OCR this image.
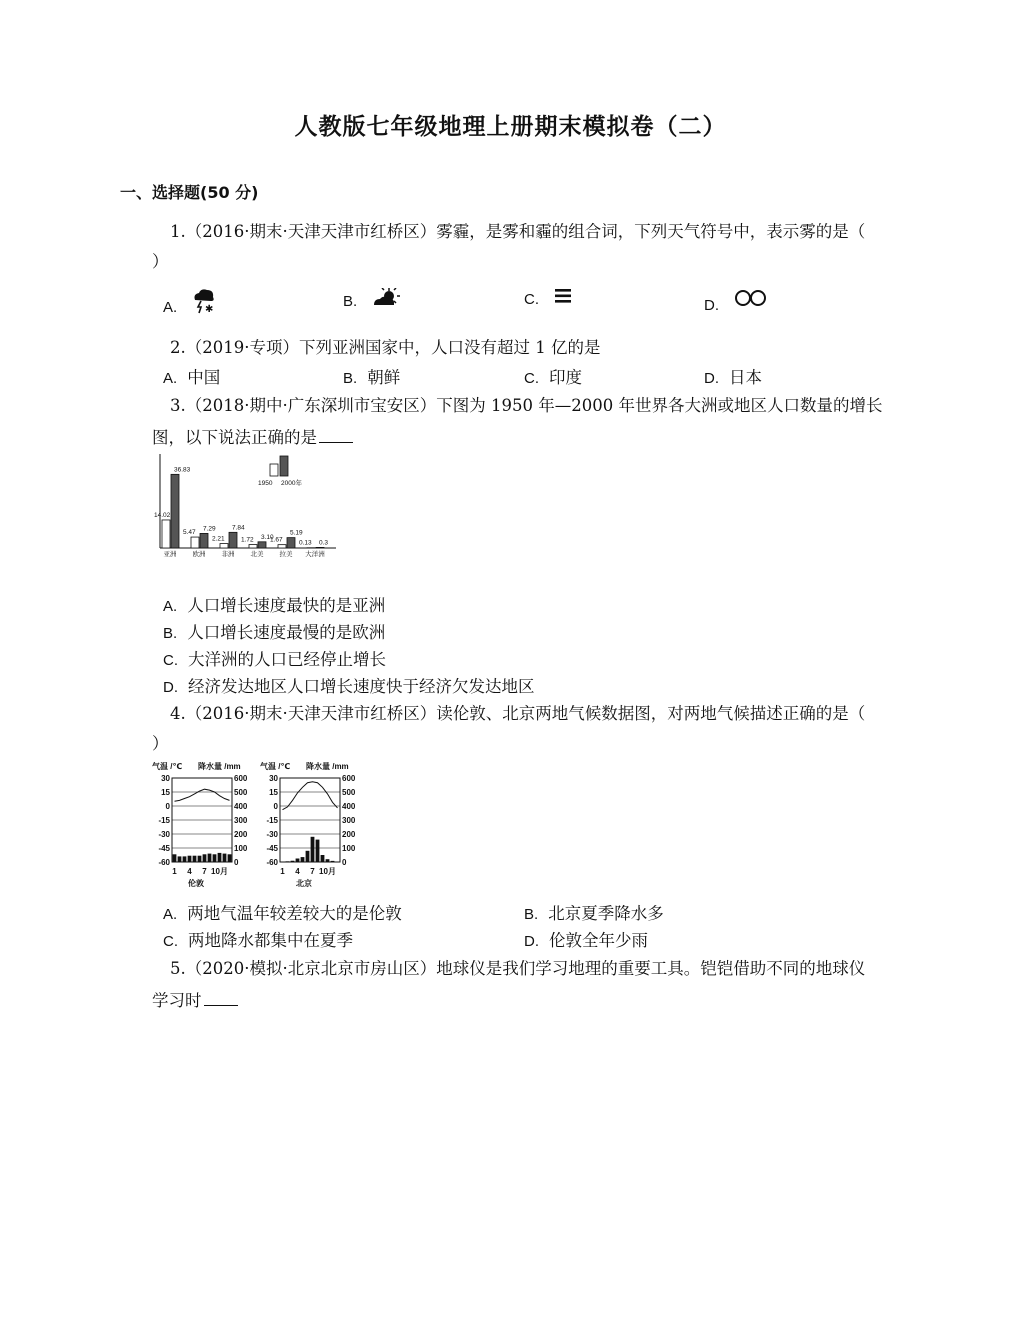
人教版七年级地理上册期末模拟卷（二）
一、选择题(50 分)
1.（2016·期末·天津天津市红桥区）雾霾，是雾和霾的组合词，下列天气符号中，表示雾的是（
）
A.	✱	B.	C.	D.
2.（2019·专项）下列亚洲国家中，人口没有超过 1 亿的是
A. 中国	B. 朝鲜	C. 印度	D. 日本
3.（2018·期中·广东深圳市宝安区）下图为 1950 年—2000 年世界各大洲或地区人口数量的增长
图，以下说法正确的是
14.02
36.83
亚洲
5.47
7.29
欧洲
2.21
7.84
非洲
1.72 3.10
北美
1.67
5.19
拉美
0.13 0.3
大洋洲
1950 2000年
A. 人口增长速度最快的是亚洲
B. 人口增长速度最慢的是欧洲
C. 大洋洲的人口已经停止增长
D. 经济发达地区人口增长速度快于经济欠发达地区
4.（2016·期末·天津天津市红桥区）读伦敦、北京两地气候数据图，对两地气候描述正确的是（
）
气温 /℃ 降水量 /mm
30
15
0
-15
-30
-45
-60
600
500
400
300
200
100
0
1 4 7 10月
伦敦
气温 /℃ 降水量 /mm
30
15
0
-15
-30
-45
-60
600
500
400
300
200
100
0
1 4 7 10月
北京
A. 两地气温年较差较大的是伦敦	B. 北京夏季降水多
C. 两地降水都集中在夏季	D. 伦敦全年少雨
5.（2020·模拟·北京北京市房山区）地球仪是我们学习地理的重要工具。铠铠借助不同的地球仪
学习时
